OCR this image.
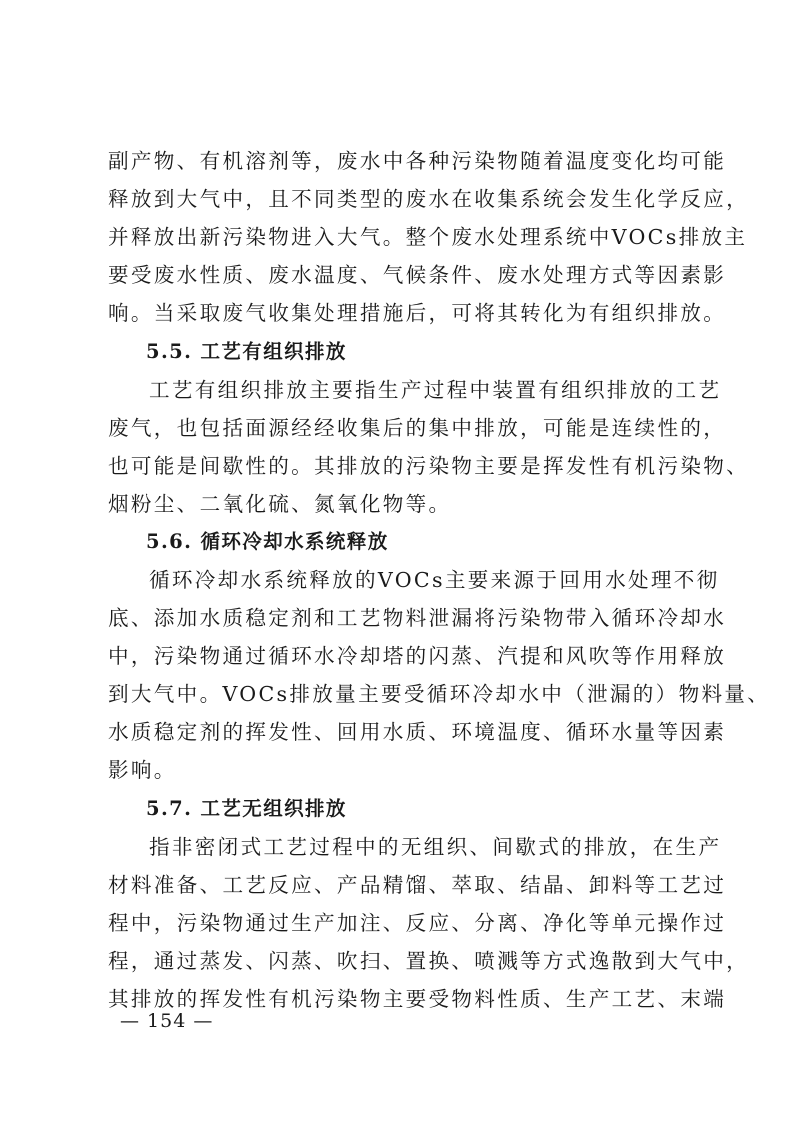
副产物、有机溶剂等，废水中各种污染物随着温度变化均可能
释放到大气中，且不同类型的废水在收集系统会发生化学反应，
并释放出新污染物进入大气。整个废水处理系统中VOCs排放主
要受废水性质、废水温度、气候条件、废水处理方式等因素影
响。当采取废气收集处理措施后，可将其转化为有组织排放。
5.5. 工艺有组织排放
工艺有组织排放主要指生产过程中装置有组织排放的工艺
废气，也包括面源经经收集后的集中排放，可能是连续性的，
也可能是间歇性的。其排放的污染物主要是挥发性有机污染物、
烟粉尘、二氧化硫、氮氧化物等。
5.6. 循环冷却水系统释放
循环冷却水系统释放的VOCs主要来源于回用水处理不彻
底、添加水质稳定剂和工艺物料泄漏将污染物带入循环冷却水
中，污染物通过循环水冷却塔的闪蒸、汽提和风吹等作用释放
到大气中。VOCs排放量主要受循环冷却水中（泄漏的）物料量、
水质稳定剂的挥发性、回用水质、环境温度、循环水量等因素
影响。
5.7. 工艺无组织排放
指非密闭式工艺过程中的无组织、间歇式的排放，在生产
材料准备、工艺反应、产品精馏、萃取、结晶、卸料等工艺过
程中，污染物通过生产加注、反应、分离、净化等单元操作过
程，通过蒸发、闪蒸、吹扫、置换、喷溅等方式逸散到大气中，
其排放的挥发性有机污染物主要受物料性质、生产工艺、末端
— 154 —
